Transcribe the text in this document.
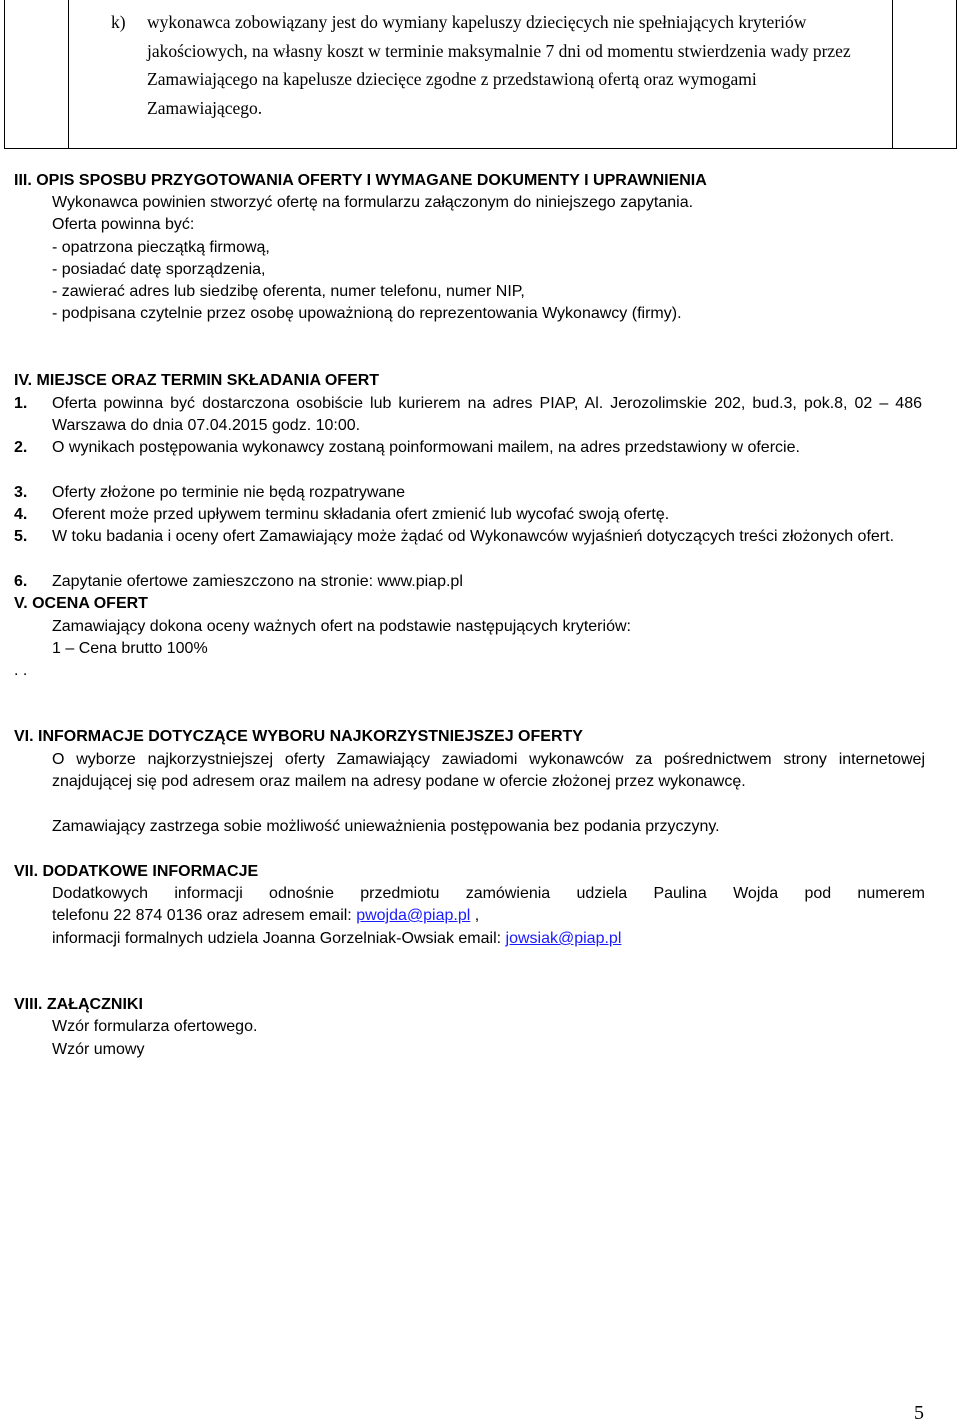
k) wykonawca zobowiązany jest do wymiany kapeluszy dziecięcych nie spełniających kryteriów jakościowych, na własny koszt w terminie maksymalnie 7 dni od momentu stwierdzenia wady przez Zamawiającego na kapelusze dziecięce zgodne z przedstawioną ofertą oraz wymogami Zamawiającego.
III. OPIS SPOSBU PRZYGOTOWANIA OFERTY I WYMAGANE DOKUMENTY I UPRAWNIENIA
Wykonawca powinien stworzyć ofertę na formularzu załączonym do niniejszego zapytania.
Oferta powinna być:
- opatrzona pieczątką firmową,
- posiadać datę sporządzenia,
- zawierać adres lub siedzibę oferenta, numer telefonu, numer NIP,
- podpisana czytelnie przez osobę upoważnioną do reprezentowania Wykonawcy (firmy).
IV. MIEJSCE ORAZ TERMIN SKŁADANIA OFERT
1. Oferta powinna być dostarczona osobiście lub kurierem na adres PIAP, Al. Jerozolimskie 202, bud.3, pok.8, 02 – 486 Warszawa do dnia 07.04.2015 godz. 10:00.
2. O wynikach postępowania wykonawcy zostaną poinformowani mailem, na adres przedstawiony w ofercie.
3. Oferty złożone po terminie nie będą rozpatrywane
4. Oferent może przed upływem terminu składania ofert zmienić lub wycofać swoją ofertę.
5. W toku badania i oceny ofert Zamawiający może żądać od Wykonawców wyjaśnień dotyczących treści złożonych ofert.
6. Zapytanie ofertowe zamieszczono na stronie: www.piap.pl
V. OCENA OFERT
Zamawiający dokona oceny ważnych ofert na podstawie następujących kryteriów:
1 – Cena brutto 100%
. .
VI. INFORMACJE DOTYCZĄCE WYBORU NAJKORZYSTNIEJSZEJ OFERTY
O wyborze najkorzystniejszej oferty Zamawiający zawiadomi wykonawców za pośrednictwem strony internetowej znajdującej się pod adresem oraz mailem na adresy podane w ofercie złożonej przez wykonawcę.
Zamawiający zastrzega sobie możliwość unieważnienia postępowania bez podania przyczyny.
VII. DODATKOWE INFORMACJE
Dodatkowych informacji odnośnie przedmiotu zamówienia udziela Paulina Wojda pod numerem
telefonu 22 874 0136 oraz adresem email: pwojda@piap.pl ,
informacji formalnych udziela Joanna Gorzelniak-Owsiak email: jowsiak@piap.pl
VIII. ZAŁĄCZNIKI
Wzór formularza ofertowego.
Wzór umowy
5
